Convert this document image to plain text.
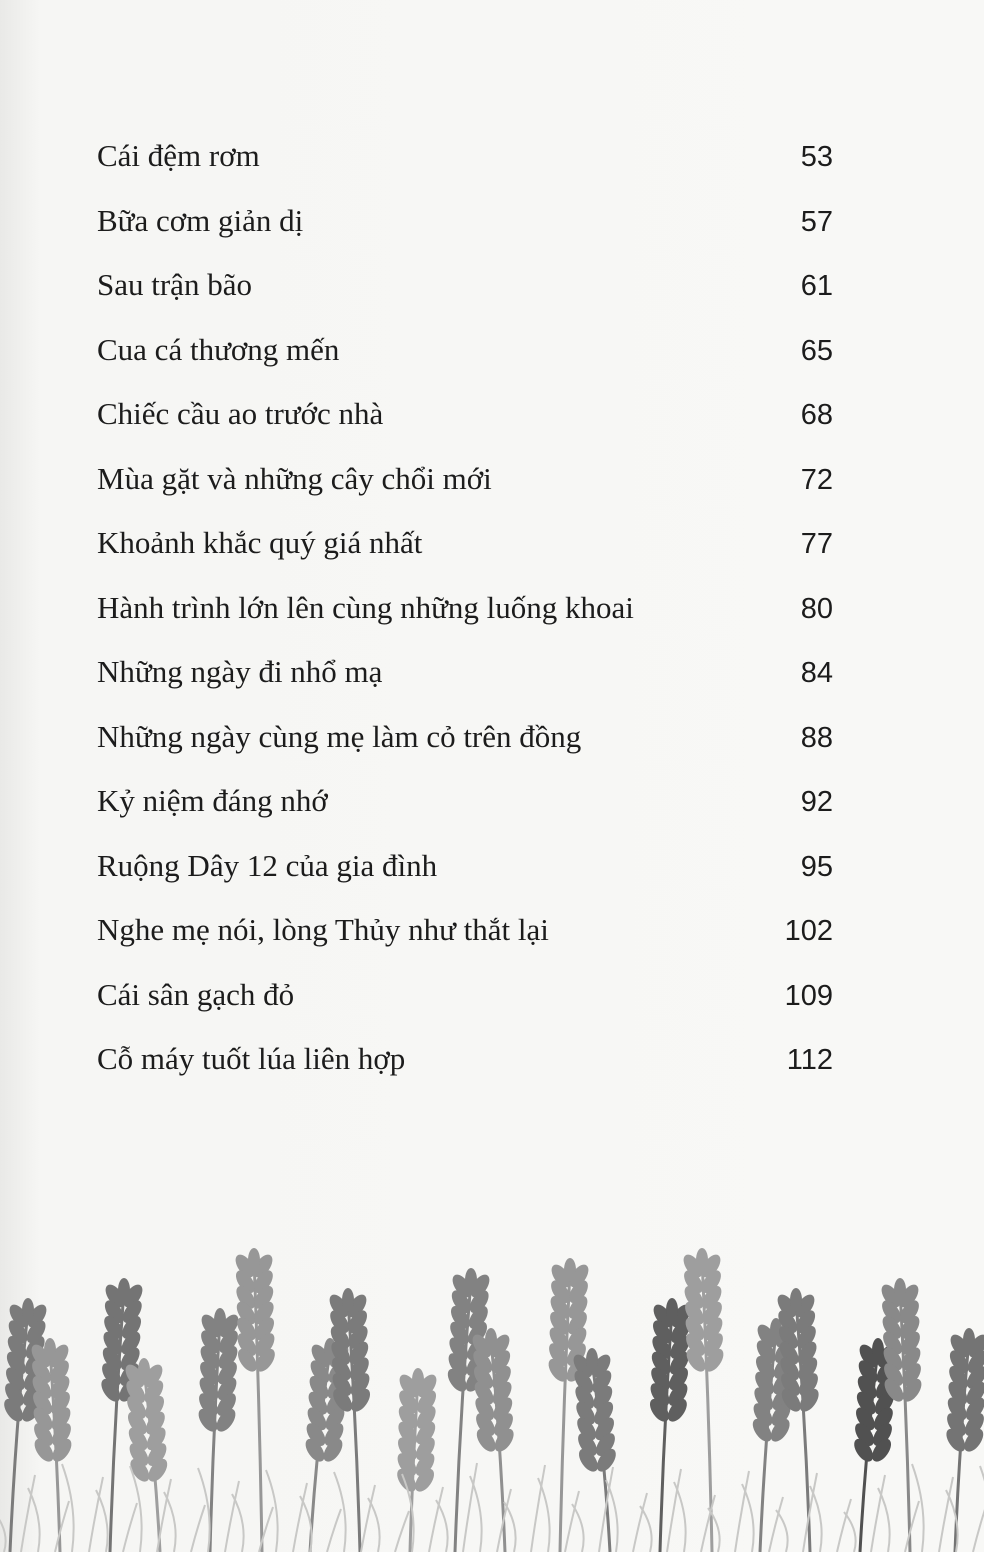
Cái đệm rơm	53
Bữa cơm giản dị	57
Sau trận bão	61
Cua cá thương mến	65
Chiếc cầu ao trước nhà	68
Mùa gặt và những cây chổi mới	72
Khoảnh khắc quý giá nhất	77
Hành trình lớn lên cùng những luống khoai	80
Những ngày đi nhổ mạ	84
Những ngày cùng mẹ làm cỏ trên đồng	88
Kỷ niệm đáng nhớ	92
Ruộng Dây 12 của gia đình	95
Nghe mẹ nói, lòng Thủy như thắt lại	102
Cái sân gạch đỏ	109
Cỗ máy tuốt lúa liên hợp	112
